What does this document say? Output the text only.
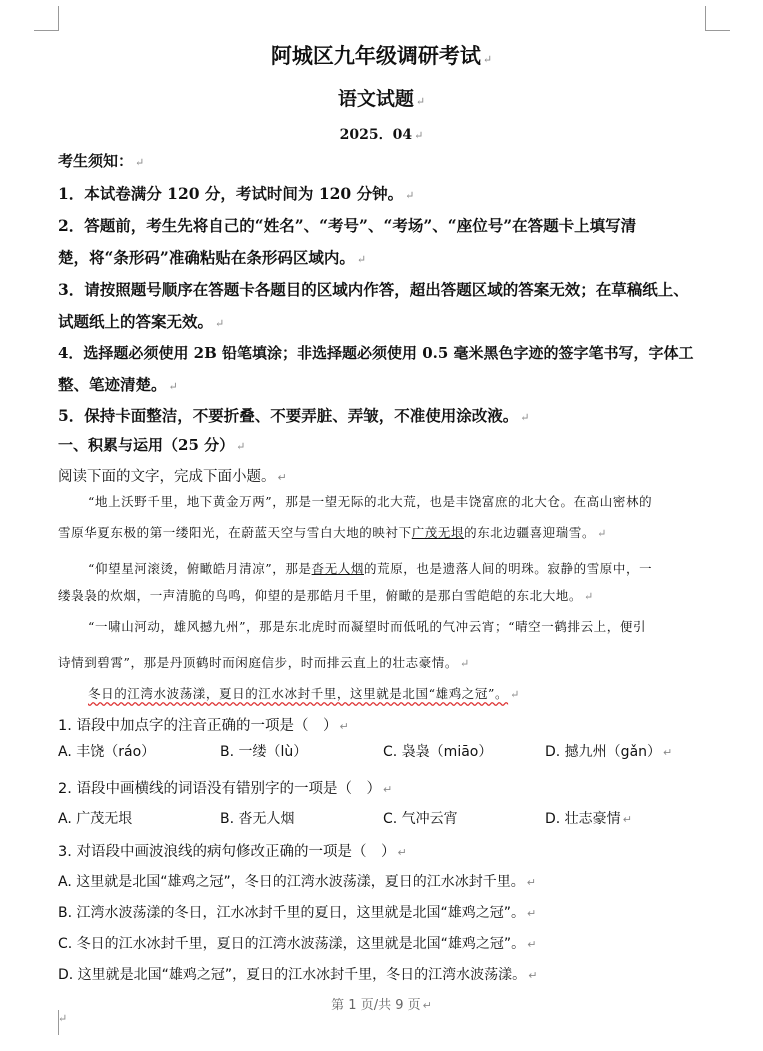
阿城区九年级调研考试 ↵
语文试题 ↵
2025．04 ↵
考生须知： ↵
1．本试卷满分 120 分，考试时间为 120 分钟。 ↵
2．答题前，考生先将自己的“姓名”、“考号”、“考场”、“座位号”在答题卡上填写清
楚，将“条形码”准确粘贴在条形码区域内。 ↵
3．请按照题号顺序在答题卡各题目的区域内作答，超出答题区域的答案无效；在草稿纸上、
试题纸上的答案无效。 ↵
4．选择题必须使用 2B 铅笔填涂；非选择题必须使用 0.5 毫米黑色字迹的签字笔书写，字体工
整、笔迹清楚。 ↵
5．保持卡面整洁，不要折叠、不要弄脏、弄皱，不准使用涂改液。 ↵
一、积累与运用（25 分） ↵
阅读下面的文字，完成下面小题。 ↵
“地上沃野千里，地下黄金万两”，那是一望无际的北大荒，也是丰饶富庶的北大仓。在高山密林的
雪原华夏东极的第一缕阳光，在蔚蓝天空与雪白大地的映衬下广茂无垠的东北边疆喜迎瑞雪。 ↵
“仰望星河滚烫，俯瞰皓月清凉”，那是沓无人烟的荒原，也是遗落人间的明珠。寂静的雪原中，一
缕袅袅的炊烟，一声清脆的鸟鸣，仰望的是那皓月千里，俯瞰的是那白雪皑皑的东北大地。 ↵
“一啸山河动，雄风撼九州”，那是东北虎时而凝望时而低吼的气冲云宵；“晴空一鹤排云上，便引
诗情到碧霄”，那是丹顶鹤时而闲庭信步，时而排云直上的壮志豪情。 ↵
冬日的江湾水波荡漾，夏日的江水冰封千里，这里就是北国“雄鸡之冠”。 ↵
1. 语段中加点字的注音正确的一项是（　） ↵
A. 丰饶（ráo）	B. 一缕（lù）	C. 袅袅（miāo）	D. 撼九州（gǎn） ↵
2. 语段中画横线的词语没有错别字的一项是（　） ↵
A. 广茂无垠	B. 沓无人烟	C. 气冲云宵	D. 壮志豪情 ↵
3. 对语段中画波浪线的病句修改正确的一项是（　） ↵
A. 这里就是北国“雄鸡之冠”，冬日的江湾水波荡漾，夏日的江水冰封千里。 ↵
B. 江湾水波荡漾的冬日，江水冰封千里的夏日，这里就是北国“雄鸡之冠”。 ↵
C. 冬日的江水冰封千里，夏日的江湾水波荡漾，这里就是北国“雄鸡之冠”。 ↵
D. 这里就是北国“雄鸡之冠”，夏日的江水冰封千里，冬日的江湾水波荡漾。 ↵
第 1 页/共 9 页 ↵
↵
